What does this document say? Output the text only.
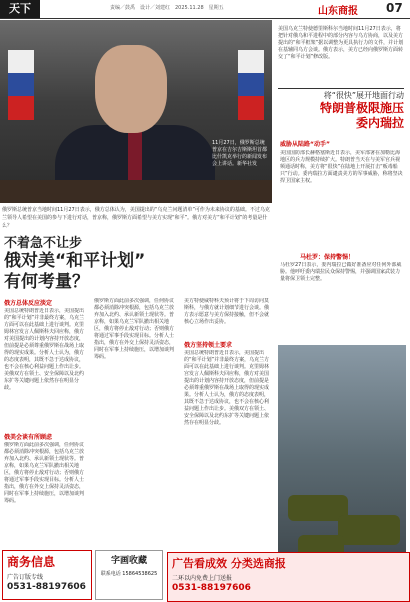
天下	责编／鼓禹　设计／刘建红　2025.11.28　星期五	山东商报 07
11月27日，俄罗斯总统普京在吉尔吉斯斯坦首都比什凯克举行的新闻发布会上讲话。新华社发
俄罗斯总统普京当地时间11月27日表示，俄方总体认为，美国提出的“乌克兰问题清单”可作为未来协议的基础。不过乌克兰领导人希望在美国的参与下进行对话，普京称，俄罗斯方面希望与美方实现“和平”。俄方对美方“和平计划”的考量是什么？
美国乌克兰特使德里斯科尔当地时间11月27日表示，将把针对俄乌和平进程中的部分内容与乌方协商，以及美方提出的“和平框架”据以调整为更具执行力的文件，并计划在基辅同乌方会谈。俄方表示，美方已经向俄罗斯方面转交了“和平计划”修改版。
将“很快”展开地面行动
特朗普极限施压
委内瑞拉
威胁从陆路“动手”
美国国防部长赫格塞斯近日表示，美军部署在加勒比海地区的兵力规模持续扩大。特朗普当天在与美军官兵视频通话时称，美方将“很快”在陆地上开展打击“贩毒船只”行动。委内瑞拉方面谴责美方的军事威胁，称将坚决捍卫国家主权。
马杜罗：保持警惕！
马杜罗27日表示，委内瑞拉已做好准备应对任何外部威胁。他呼吁委内瑞拉民众保持警惕，并强调国家武装力量将保卫领土完整。
不着急不让步
俄对美“和平计划”
有何考量？
俄方总体反应淡定
美国总统特朗普近日表示，美国提出的“和平计划”并非最终方案，乌克兰方面可以在此基础上进行谈判。克里姆林宫发言人佩斯科夫回应称，俄方对美国提出的计划内容持开放态度，但前提是必须尊重俄罗斯在战场上取得的现实成果。分析人士认为，俄方的态度表明，其既不急于达成协议，也不会在核心利益问题上作出让步。美俄双方在领土、安全保障以及北约东扩等关键问题上依然存在明显分歧。
俄美会谈有所顾虑
俄罗斯方面此前多次强调，任何协议都必须消除冲突根源，包括乌克兰放弃加入北约、承认新领土现状等。普京称，如果乌克兰军队撤出相关地区，俄方将停止敌对行动；否则俄方将通过军事手段实现目标。分析人士指出，俄方在外交上保持灵活姿态，同时在军事上持续施压，以增加谈判筹码。
俄罗斯方面此前多次强调，任何协议都必须消除冲突根源，包括乌克兰放弃加入北约、承认新领土现状等。普京称，如果乌克兰军队撤出相关地区，俄方将停止敌对行动；否则俄方将通过军事手段实现目标。分析人士指出，俄方在外交上保持灵活姿态，同时在军事上持续施压，以增加谈判筹码。
俄方坚持领土要求
美方特使威特科夫预计将于下周访问莫斯科，与俄方就计划细节进行会谈。俄方表示愿意与美方保持接触，但不会就核心立场作出妥协。
美国总统特朗普近日表示，美国提出的“和平计划”并非最终方案，乌克兰方面可以在此基础上进行谈判。克里姆林宫发言人佩斯科夫回应称，俄方对美国提出的计划内容持开放态度，但前提是必须尊重俄罗斯在战场上取得的现实成果。分析人士认为，俄方的态度表明，其既不急于达成协议，也不会在核心利益问题上作出让步。美俄双方在领土、安全保障以及北约东扩等关键问题上依然存在明显分歧。
商务信息
广告订版专线
0531-88197606
字画收藏
联系电话 15864538625
广告看成效 分类选商报
二环以内免费上门送报
0531-88197606
